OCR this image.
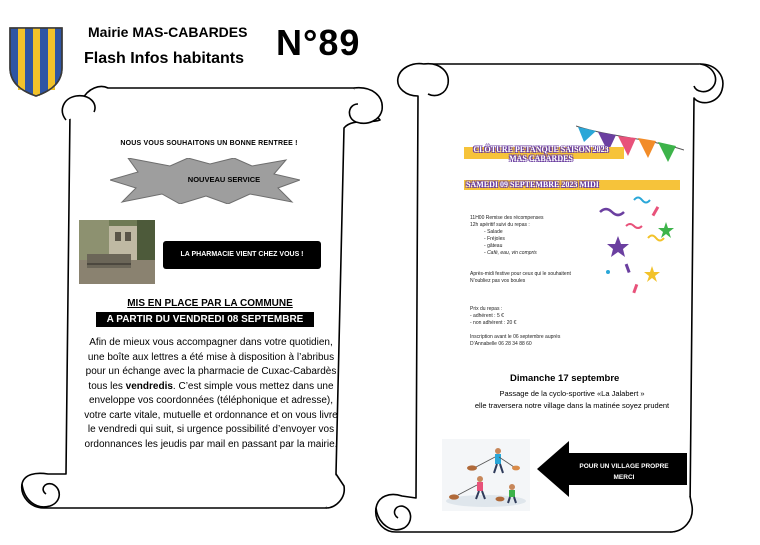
Mairie MAS-CABARDES
Flash Infos habitants N°89
NOUS VOUS SOUHAITONS UN BONNE RENTREE !
NOUVEAU SERVICE
LA PHARMACIE VIENT CHEZ VOUS !
MIS EN PLACE PAR LA COMMUNE
A PARTIR DU VENDREDI 08 SEPTEMBRE
Afin de mieux vous accompagner dans votre quotidien, une boîte aux lettres a été mise à disposition à l’abribus pour un échange avec la pharmacie de Cuxac-Cabardès tous les vendredis. C’est simple vous mettez dans une enveloppe vos coordonnées (téléphonique et adresse), votre carte vitale, mutuelle et ordonnance et on vous livre le vendredi qui suit, si urgence possibilité d’envoyer vos ordonnances les jeudis par mail en passant par la mairie.
CLÔTURE PETANQUE SAISON 2023
MAS CABARDES
SAMEDI 09 SEPTEMBRE 2023 MIDI
11H00 Remise des récompenses
12h apéritif suivi du repas :
- Salade
- Fréjoles
- gâteau
- Café, eau, vin compris
Après-midi festive pour ceux qui le souhaitent
N’oubliez pas vos boules
Prix du repas :
- adhérent : 5 €
- non adhérent : 20 €
Inscription avant le 06 septembre auprès
D’Annabelle 06 28 34 88 60
Dimanche 17 septembre
Passage de la cyclo-sportive «La Jalabert »
elle traversera notre village dans la matinée soyez prudent
POUR UN VILLAGE PROPRE
MERCI
